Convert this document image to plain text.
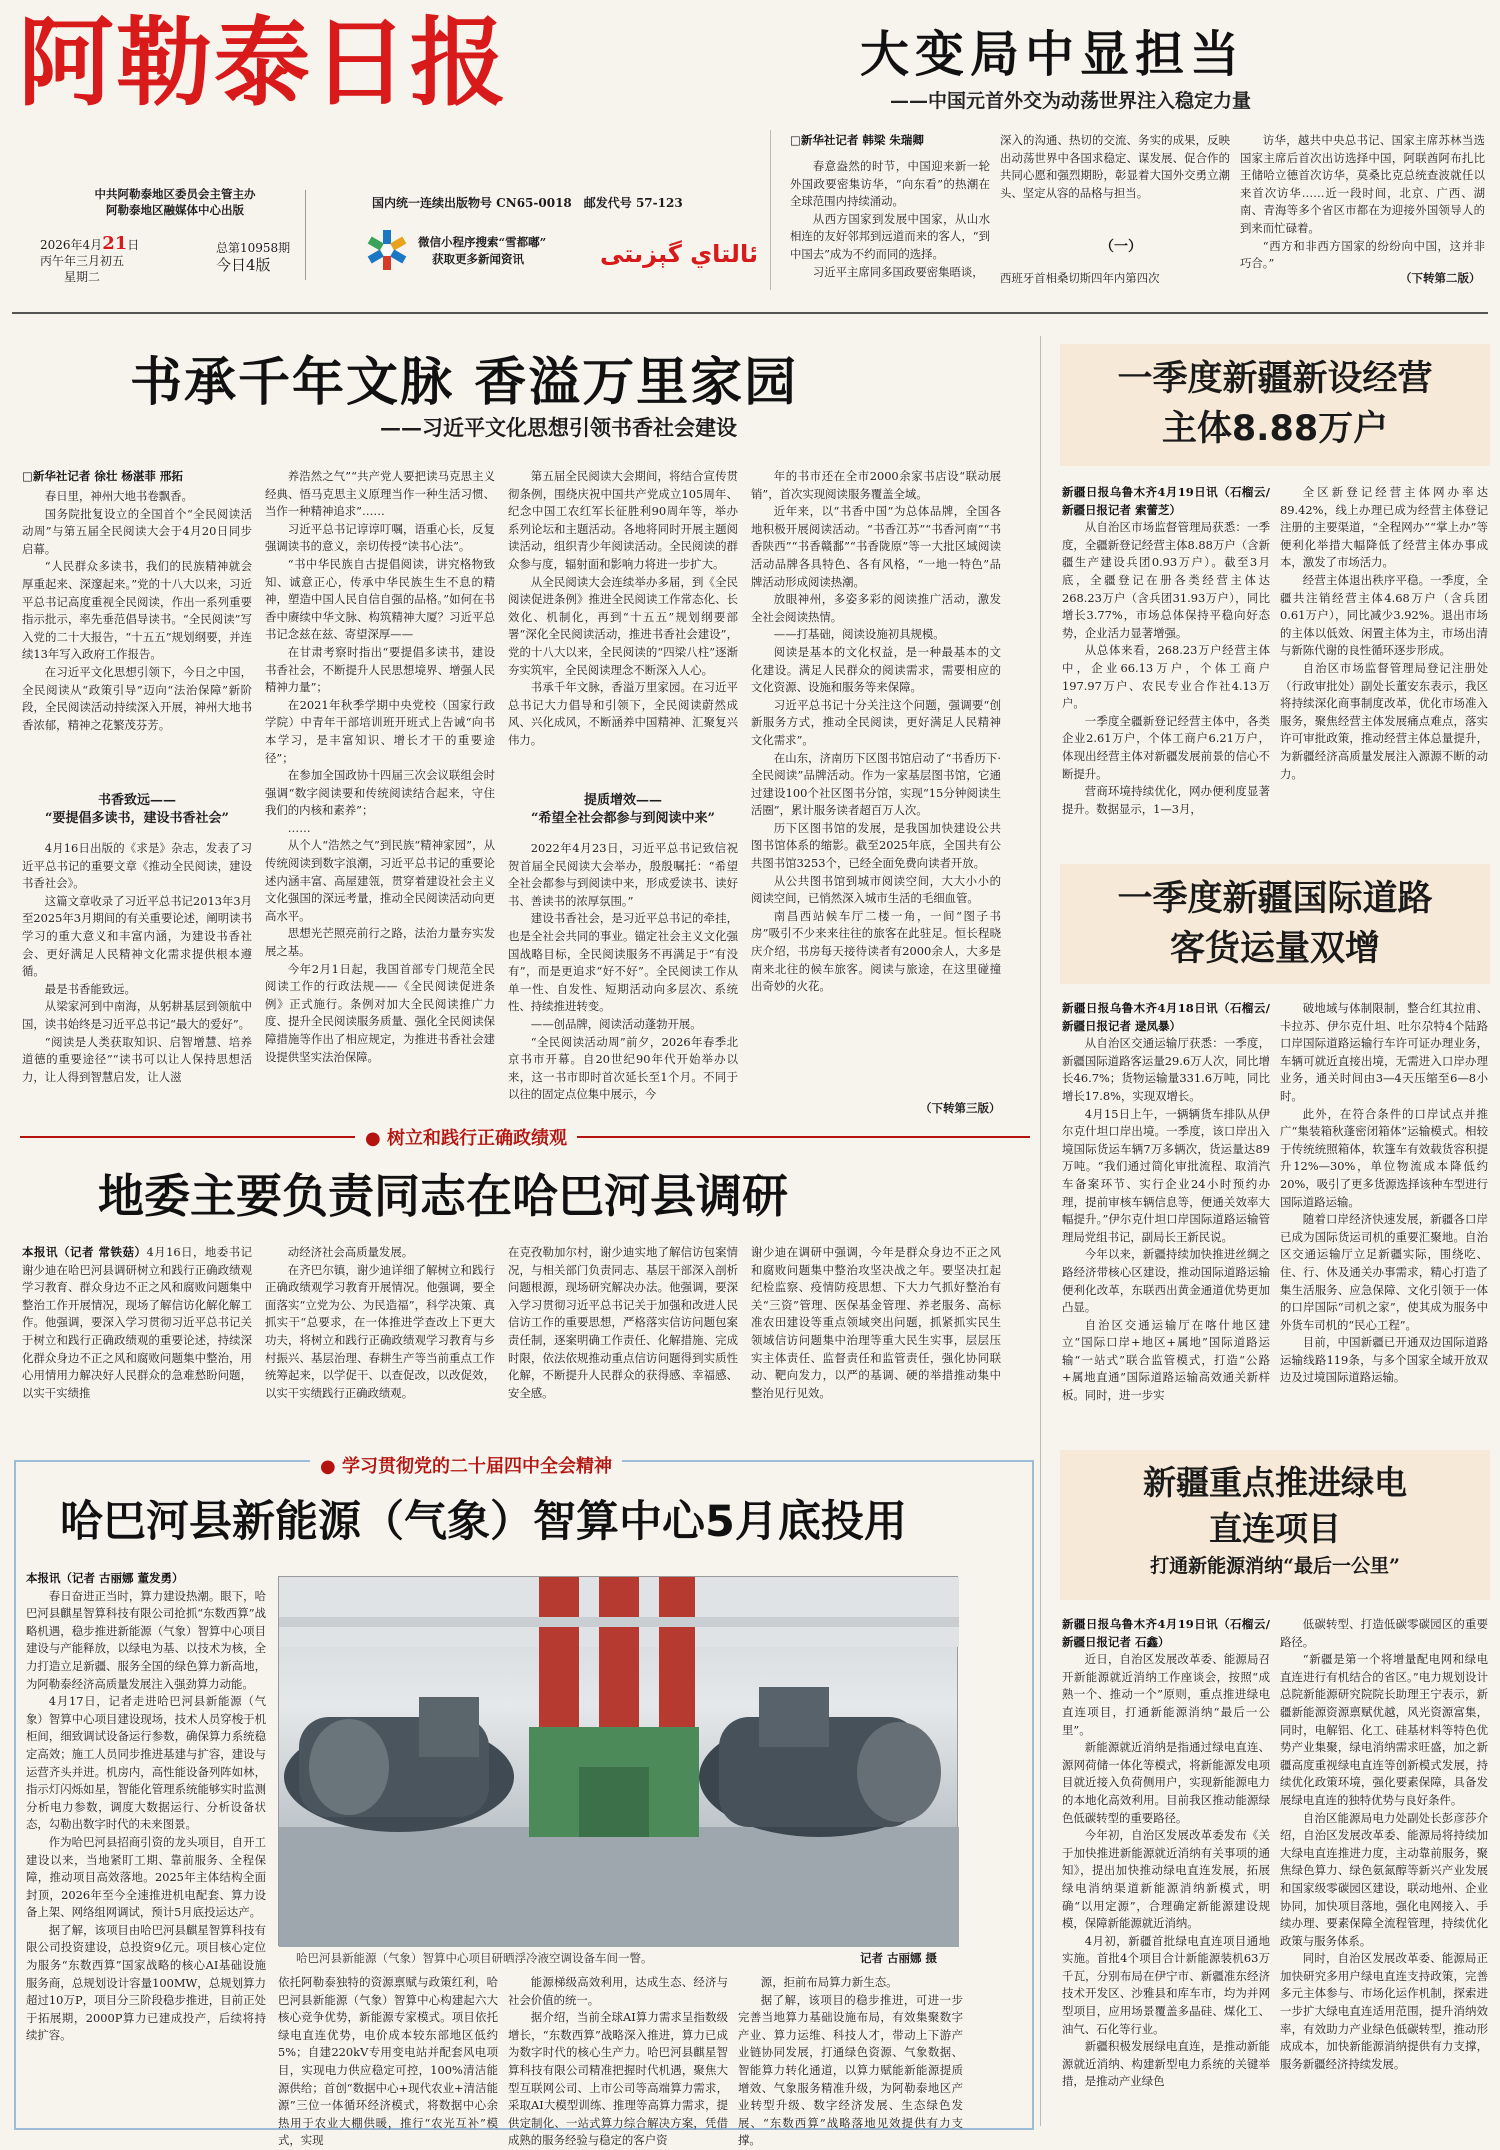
阿勒泰日报
中共阿勒泰地区委员会主管主办
阿勒泰地区融媒体中心出版
2026年4月21日
丙午年三月初五
星期二
总第10958期
今日4版
国内统一连续出版物号 CN65-0018　邮发代号 57-123
微信小程序搜索“雪都嘟”
获取更多新闻资讯	ئالتاي گېزىتى
大变局中显担当
——中国元首外交为动荡世界注入稳定力量
□新华社记者 韩梁 朱瑞卿

春意盎然的时节，中国迎来新一轮外国政要密集访华，“向东看”的热潮在全球范围内持续涌动。

从西方国家到发展中国家，从山水相连的友好邻邦到远道而来的客人，“到中国去”成为不约而同的选择。

习近平主席同多国政要密集晤谈，

深入的沟通、热切的交流、务实的成果，反映出动荡世界中各国求稳定、谋发展、促合作的共同心愿和强烈期盼，彰显着大国外交勇立潮头、坚定从容的品格与担当。
（一）
西班牙首相桑切斯四年内第四次

访华，越共中央总书记、国家主席苏林当选国家主席后首次出访选择中国，阿联酋阿布扎比王储哈立德首次访华，莫桑比克总统查波就任以来首次访华……近一段时间，北京、广西、湖南、青海等多个省区市都在为迎接外国领导人的到来而忙碌着。

“西方和非西方国家的纷纷向中国，这并非巧合。”

（下转第二版）
书承千年文脉 香溢万里家园
——习近平文化思想引领书香社会建设
□新华社记者 徐壮 杨湛菲 邢拓

春日里，神州大地书卷飘香。

国务院批复设立的全国首个“全民阅读活动周”与第五届全民阅读大会于4月20日同步启幕。

“人民群众多读书，我们的民族精神就会厚重起来、深邃起来。”党的十八大以来，习近平总书记高度重视全民阅读，作出一系列重要指示批示，率先垂范倡导读书。“全民阅读”写入党的二十大报告，“十五五”规划纲要，并连续13年写入政府工作报告。

在习近平文化思想引领下，今日之中国，全民阅读从“政策引导”迈向“法治保障”新阶段，全民阅读活动持续深入开展，神州大地书香浓郁，精神之花繁茂芬芳。

书香致远——
“要提倡多读书，建设书香社会”

4月16日出版的《求是》杂志，发表了习近平总书记的重要文章《推动全民阅读，建设书香社会》。

这篇文章收录了习近平总书记2013年3月至2025年3月期间的有关重要论述，阐明读书学习的重大意义和丰富内涵，为建设书香社会、更好满足人民精神文化需求提供根本遵循。

最是书香能致远。

从梁家河到中南海，从躬耕基层到领航中国，读书始终是习近平总书记“最大的爱好”。

“阅读是人类获取知识、启智增慧、培养道德的重要途径”“读书可以让人保持思想活力，让人得到智慧启发，让人滋

养浩然之气”“共产党人要把读马克思主义经典、悟马克思主义原理当作一种生活习惯、当作一种精神追求”……

习近平总书记谆谆叮嘱，语重心长，反复强调读书的意义，亲切传授“读书心法”。

“书中华民族自古提倡阅读，讲究格物致知、诚意正心，传承中华民族生生不息的精神，塑造中国人民自信自强的品格。”如何在书香中赓续中华文脉、构筑精神大厦？习近平总书记念兹在兹、寄望深厚——

在甘肃考察时指出“要提倡多读书，建设书香社会，不断提升人民思想境界、增强人民精神力量”；

在2021年秋季学期中央党校（国家行政学院）中青年干部培训班开班式上告诫“向书本学习，是丰富知识、增长才干的重要途径”；

在参加全国政协十四届三次会议联组会时强调“数字阅读要和传统阅读结合起来，守住我们的内核和素养”；

……

从个人“浩然之气”到民族“精神家园”，从传统阅读到数字浪潮，习近平总书记的重要论述内涵丰富、高屋建瓴，贯穿着建设社会主义文化强国的深远考量，推动全民阅读活动向更高水平。

思想光芒照亮前行之路，法治力量夯实发展之基。

今年2月1日起，我国首部专门规范全民阅读工作的行政法规——《全民阅读促进条例》正式施行。条例对加大全民阅读推广力度、提升全民阅读服务质量、强化全民阅读保障措施等作出了相应规定，为推进书香社会建设提供坚实法治保障。

第五届全民阅读大会期间，将结合宣传贯彻条例，围绕庆祝中国共产党成立105周年、纪念中国工农红军长征胜利90周年等，举办系列论坛和主题活动。各地将同时开展主题阅读活动，组织青少年阅读活动。全民阅读的群众参与度，辐射面和影响力将进一步扩大。

从全民阅读大会连续举办多届，到《全民阅读促进条例》推进全民阅读工作常态化、长效化、机制化，再到“十五五”规划纲要部署“深化全民阅读活动，推进书香社会建设”，党的十八大以来，全民阅读的“四梁八柱”逐渐夯实筑牢，全民阅读理念不断深入人心。

书承千年文脉，香溢万里家园。在习近平总书记大力倡导和引领下，全民阅读蔚然成风、兴化成风，不断涵养中国精神、汇聚复兴伟力。

提质增效——
“希望全社会都参与到阅读中来”

2022年4月23日，习近平总书记致信祝贺首届全民阅读大会举办，殷殷嘱托：“希望全社会都参与到阅读中来，形成爱读书、读好书、善读书的浓厚氛围。”

建设书香社会，是习近平总书记的牵挂，也是全社会共同的事业。锚定社会主义文化强国战略目标，全民阅读服务不再满足于“有没有”，而是更追求“好不好”。全民阅读工作从单一性、自发性、短期活动向多层次、系统性、持续推进转变。

——创品牌，阅读活动蓬勃开展。

“全民阅读活动周”前夕，2026年春季北京书市开幕。自20世纪90年代开始举办以来，这一书市即时首次延长至1个月。不同于以往的固定点位集中展示，今

年的书市还在全市2000余家书店设“联动展销”，首次实现阅读服务覆盖全域。

近年来，以“书香中国”为总体品牌，全国各地积极开展阅读活动。“书香江苏”“书香河南”“书香陕西”“书香赣鄱”“书香陇原”等一大批区域阅读活动品牌各具特色、各有风格，“一地一特色”品牌活动形成阅读热潮。

放眼神州，多姿多彩的阅读推广活动，激发全社会阅读热情。

——打基础，阅读设施初具规模。

阅读是基本的文化权益，是一种最基本的文化建设。满足人民群众的阅读需求，需要相应的文化资源、设施和服务等来保障。

习近平总书记十分关注这个问题，强调要“创新服务方式，推动全民阅读，更好满足人民精神文化需求”。

在山东，济南历下区图书馆启动了“书香历下·全民阅读”品牌活动。作为一家基层图书馆，它通过建设100个社区图书分馆，实现“15分钟阅读生活圈”，累计服务读者超百万人次。

历下区图书馆的发展，是我国加快建设公共图书馆体系的缩影。截至2025年底，全国共有公共图书馆3253个，已经全面免费向读者开放。

从公共图书馆到城市阅读空间，大大小小的阅读空间，已悄然深入城市生活的毛细血管。

南昌西站候车厅二楼一角，一间“图子书房”吸引不少来来往往的旅客在此驻足。恒长程晓庆介绍，书房每天接待读者有2000余人，大多是南来北往的候车旅客。阅读与旅途，在这里碰撞出奇妙的火花。

（下转第三版）
● 树立和践行正确政绩观
地委主要负责同志在哈巴河县调研
本报讯（记者 常铁菇）4月16日，地委书记谢少迪在哈巴河县调研树立和践行正确政绩观学习教育、群众身边不正之风和腐败问题集中整治工作开展情况，现场了解信访化解化解工作。他强调，要深入学习贯彻习近平总书记关于树立和践行正确政绩观的重要论述，持续深化群众身边不正之风和腐败问题集中整治，用心用情用力解决好人民群众的急难愁盼问题，以实干实绩推

动经济社会高质量发展。

在齐巴尔镇，谢少迪详细了解树立和践行正确政绩观学习教育开展情况。他强调，要全面落实“立党为公、为民造福”，科学决策、真抓实干“总要求，在一体推进学查改上下更大功夫，将树立和践行正确政绩观学习教育与乡村振兴、基层治理、春耕生产等当前重点工作统筹起来，以学促干、以查促改，以改促效，以实干实绩践行正确政绩观。

在克孜勒加尔村，谢少迪实地了解信访包案情况，与相关部门负责同志、基层干部深入剖析问题根源，现场研究解决办法。他强调，要深入学习贯彻习近平总书记关于加强和改进人民信访工作的重要思想，严格落实信访问题包案责任制，逐案明确工作责任、化解措施、完成时限，依法依规推动重点信访问题得到实质性化解，不断提升人民群众的获得感、幸福感、安全感。
谢少迪在调研中强调，今年是群众身边不正之风和腐败问题集中整治攻坚决战之年。要坚决扛起纪检监察、疫情防疫思想、下大力气抓好整治有关“三资”管理、医保基金管理、养老服务、高标准农田建设等重点领域突出问题，抓紧抓实民生领域信访问题集中治理等重大民生实事，层层压实主体责任、监督责任和监管责任，强化协同联动、靶向发力，以严的基调、硬的举措推动集中整治见行见效。
● 学习贯彻党的二十届四中全会精神
哈巴河县新能源（气象）智算中心5月底投用
本报讯（记者 古丽娜 董发勇）

春日奋进正当时，算力建设热潮。眼下，哈巴河县麒星智算科技有限公司抢抓“东数西算”战略机遇，稳步推进新能源（气象）智算中心项目建设与产能释放，以绿电为基、以技术为核，全力打造立足新疆、服务全国的绿色算力新高地，为阿勒泰经济高质量发展注入强劲算力动能。

4月17日，记者走进哈巴河县新能源（气象）智算中心项目建设现场，技术人员穿梭于机柜间，细致调试设备运行参数，确保算力系统稳定高效；施工人员同步推进基建与扩容，建设与运营齐头并进。机房内，高性能设备列阵如林，指示灯闪烁如星，智能化管理系统能够实时监测分析电力参数，调度大数据运行、分析设备状态，勾勒出数字时代的未来图景。

作为哈巴河县招商引资的龙头项目，自开工建设以来，当地紧盯工期、靠前服务、全程保障，推动项目高效落地。2025年主体结构全面封顶，2026年至今全速推进机电配套、算力设备上架、网络组网调试，预计5月底投运达产。

据了解，该项目由哈巴河县麒星智算科技有限公司投资建设，总投资9亿元。项目核心定位为服务“东数西算”国家战略的核心AI基础设施服务商，总规划设计容量100MW，总规划算力超过10万P，项目分三阶段稳步推进，目前正处于拓展期，2000P算力已建成投产，后续将持续扩容。

哈巴河县新能源（气象）智算中心项目研晒浮冷液空调设备车间一瞥。	记者 古丽娜 摄
依托阿勒泰独特的资源禀赋与政策红利，哈巴河县新能源（气象）智算中心构建起六大核心竞争优势，新能源专家模式。项目依托绿电直连优势，电价成本较东部地区低约5%；自建220kV专用变电站并配套风电项目，实现电力供应稳定可控，100%清洁能源供给；首创“数据中心+现代农业+清洁能源”三位一体循环经济模式，将数据中心余热用于农业大棚供暖，推行“农光互补”模式，实现

能源梯级高效利用，达成生态、经济与社会价值的统一。

据介绍，当前全球AI算力需求呈指数级增长，“东数西算”战略深入推进，算力已成为数字时代的核心生产力。哈巴河县麒星智算科技有限公司精准把握时代机遇，聚焦大型互联网公司、上市公司等高端算力需求，采取AI大模型训练、推理等高算力需求，提供定制化、一站式算力综合解决方案，凭借成熟的服务经验与稳定的客户资

源，拒前布局算力新生态。

据了解，该项目的稳步推进，可进一步完善当地算力基础设施布局，有效集聚数字产业、算力运维、科技人才，带动上下游产业链协同发展，打通绿色资源、气象数据、智能算力转化通道，以算力赋能新能源提质增效、气象服务精准升级，为阿勒泰地区产业转型升级、数字经济发展、生态绿色发展、“东数西算”战略落地见效提供有力支撑。

一季度新疆新设经营
主体8.88万户
新疆日报乌鲁木齐4月19日讯（石榴云/新疆日报记者 索蕾芝）

从自治区市场监督管理局获悉：一季度，全疆新登记经营主体8.88万户（含新疆生产建设兵团0.93万户）。截至3月底，全疆登记在册各类经营主体达268.23万户（含兵团31.93万户），同比增长3.77%，市场总体保持平稳向好态势，企业活力显著增强。

从总体来看，268.23万户经营主体中，企业66.13万户，个体工商户197.97万户、农民专业合作社4.13万户。

一季度全疆新登记经营主体中，各类企业2.61万户，个体工商户6.21万户，体现出经营主体对新疆发展前景的信心不断提升。

营商环境持续优化，网办便利度显著提升。数据显示，1—3月，

全区新登记经营主体网办率达89.42%，线上办理已成为经营主体登记注册的主要渠道，“全程网办”“掌上办”等便利化举措大幅降低了经营主体办事成本，激发了市场活力。

经营主体退出秩序平稳。一季度，全疆共注销经营主体4.68万户（含兵团0.61万户），同比减少3.92%。退出市场的主体以低效、闲置主体为主，市场出清与新陈代谢的良性循环逐步形成。

自治区市场监督管理局登记注册处（行政审批处）副处长董安东表示，我区将持续深化商事制度改革，优化市场准入服务，聚焦经营主体发展痛点难点，落实许可审批政策，推动经营主体总量提升，为新疆经济高质量发展注入源源不断的动力。

一季度新疆国际道路
客货运量双增
新疆日报乌鲁木齐4月18日讯（石榴云/新疆日报记者 逯凤暴）

从自治区交通运输厅获悉：一季度，新疆国际道路客运量29.6万人次，同比增长46.7%；货物运输量331.6万吨，同比增长17.8%，实现双增长。

4月15日上午，一辆辆货车排队从伊尔克什坦口岸出境。一季度，该口岸出入境国际货运车辆7万多辆次，货运量达89万吨。“我们通过简化审批流程、取消汽车备案环节、实行企业24小时预约办理，提前审核车辆信息等，便通关效率大幅提升。”伊尔克什坦口岸国际道路运输管理局党组书记，副局长王新民说。

今年以来，新疆持续加快推进丝绸之路经济带核心区建设，推动国际道路运输便利化改革，东联西出黄金通道优势更加凸显。

自治区交通运输厅在喀什地区建立“国际口岸+地区+属地”国际道路运输“一站式”联合监管模式，打造“公路+属地直通”国际道路运输高效通关新样板。同时，进一步实

破地域与体制限制，整合红其拉甫、卡拉苏、伊尔克什坦、吐尔尕特4个陆路口岸国际道路运输行车许可证办理业务，车辆可就近直接出境，无需进入口岸办理业务，通关时间由3—4天压缩至6—8小时。

此外，在符合条件的口岸试点并推广“集装箱秋蓬密闭箱体”运输模式。相较于传统统照箱体，软篷车有效载货容积提升12%—30%，单位物流成本降低约20%，吸引了更多货源选择该种车型进行国际道路运输。

随着口岸经济快速发展，新疆各口岸已成为国际货运司机的重要汇聚地。自治区交通运输厅立足新疆实际，围绕吃、住、行、休及通关办事需求，精心打造了集生活服务、应急保障、文化引领于一体的口岸国际“司机之家”，使其成为服务中外货车司机的“民心工程”。

目前，中国新疆已开通双边国际道路运输线路119条，与多个国家全域开放双边及过境国际道路运输。

新疆重点推进绿电
直连项目
打通新能源消纳“最后一公里”
新疆日报乌鲁木齐4月19日讯（石榴云/新疆日报记者 石鑫）

近日，自治区发展改革委、能源局召开新能源就近消纳工作座谈会，按照“成熟一个、推动一个”原则，重点推进绿电直连项目，打通新能源消纳“最后一公里”。

新能源就近消纳是指通过绿电直连、源网荷储一体化等模式，将新能源发电项目就近接入负荷侧用户，实现新能源电力的本地化高效利用。目前我区推动能源绿色低碳转型的重要路径。

今年初，自治区发展改革委发布《关于加快推进新能源就近消纳有关事项的通知》，提出加快推动绿电直连发展，拓展绿电消纳渠道新能源消纳新模式，明确“以用定源”，合理确定新能源建设规模，保障新能源就近消纳。

4月初，新疆首批绿电直连项目通地实施。首批4个项目合计新能源装机63万千瓦，分别布局在伊宁市、新疆准东经济技术开发区、沙雅县和库车市，均为并网型项目，应用场景覆盖多晶硅、煤化工、油气、石化等行业。

新疆积极发展绿电直连，是推动新能源就近消纳、构建新型电力系统的关键举措，是推动产业绿色

低碳转型、打造低碳零碳园区的重要路径。

“新疆是第一个将增量配电网和绿电直连进行有机结合的省区。”电力规划设计总院新能源研究院院长助理王宁表示，新疆新能源资源禀赋优越，风光资源富集，同时，电解铝、化工、硅基材料等特色优势产业集聚，绿电消纳需求旺盛，加之新疆高度重视绿电直连等创新模式发展，持续优化政策环境，强化要素保障，具备发展绿电直连的独特优势与良好条件。

自治区能源局电力处副处长彭彦莎介绍，自治区发展改革委、能源局将持续加大绿电直连推进力度，主动靠前服务，聚焦绿色算力、绿色氨氮醇等新兴产业发展和国家级零碳园区建设，联动地州、企业协同，加快项目落地，强化电网接入、手续办理、要素保障全流程管理，持续优化政策与服务体系。

同时，自治区发展改革委、能源局正加快研究多用户绿电直连支持政策，完善多元主体参与、市场化运作机制，探索进一步扩大绿电直连适用范围，提升消纳效率，有效助力产业绿色低碳转型，推动形成成本，加快新能源消纳提供有力支撑，服务新疆经济持续发展。
